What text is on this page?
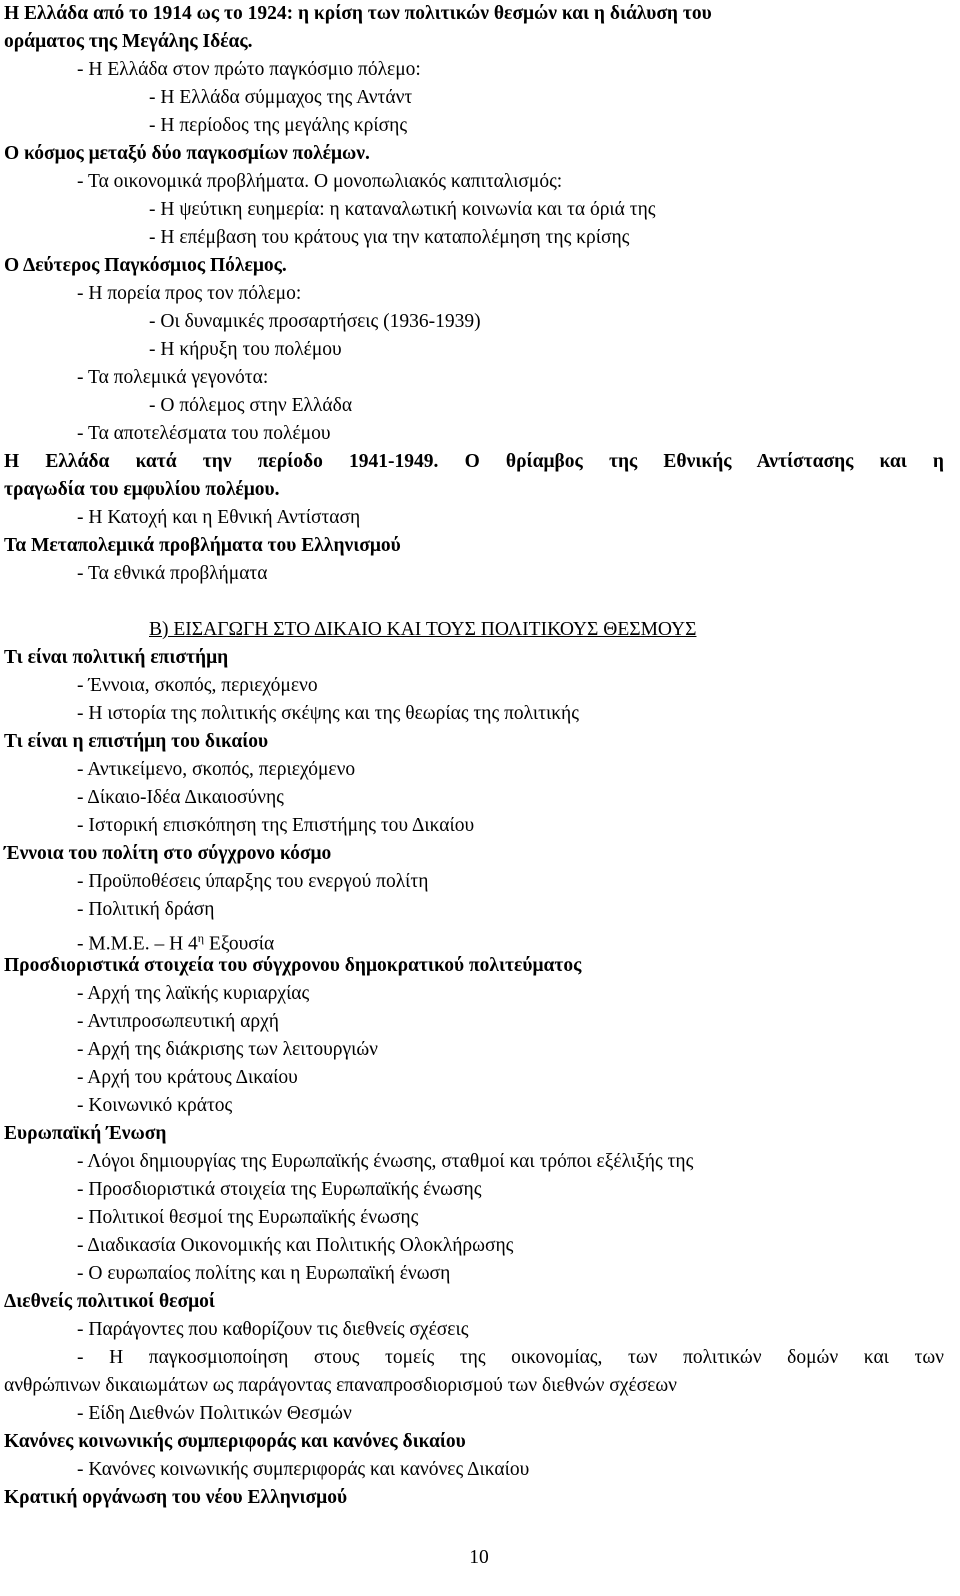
Η Ελλάδα από το 1914 ως το 1924: η κρίση των πολιτικών θεσμών και η διάλυση του
οράματος της Μεγάλης Ιδέας.
- Η Ελλάδα στον πρώτο παγκόσμιο πόλεμο:
- Η Ελλάδα σύμμαχος της Αντάντ
- Η περίοδος της μεγάλης κρίσης
Ο κόσμος μεταξύ δύο παγκοσμίων πολέμων.
- Τα οικονομικά προβλήματα. Ο μονοπωλιακός καπιταλισμός:
- Η ψεύτικη ευημερία: η καταναλωτική κοινωνία και τα όριά της
- Η επέμβαση του κράτους για την καταπολέμηση της κρίσης
Ο Δεύτερος Παγκόσμιος Πόλεμος.
- Η πορεία προς τον πόλεμο:
- Οι δυναμικές προσαρτήσεις (1936-1939)
- Η κήρυξη του πολέμου
- Τα πολεμικά γεγονότα:
- Ο πόλεμος στην Ελλάδα
- Τα αποτελέσματα του πολέμου
Η Ελλάδα κατά την περίοδο 1941-1949. Ο θρίαμβος της Εθνικής Αντίστασης και η
τραγωδία του εμφυλίου πολέμου.
- Η Κατοχή και η Εθνική Αντίσταση
Τα Μεταπολεμικά προβλήματα του Ελληνισμού
- Τα εθνικά προβλήματα
Β) ΕΙΣΑΓΩΓΗ ΣΤΟ ΔΙΚΑΙΟ ΚΑΙ ΤΟΥΣ ΠΟΛΙΤΙΚΟΥΣ ΘΕΣΜΟΥΣ
Τι είναι πολιτική επιστήμη
- Έννοια, σκοπός, περιεχόμενο
- Η ιστορία της πολιτικής σκέψης και της θεωρίας της πολιτικής
Τι είναι η επιστήμη του δικαίου
- Αντικείμενο, σκοπός, περιεχόμενο
- Δίκαιο-Ιδέα Δικαιοσύνης
- Ιστορική επισκόπηση της Επιστήμης του Δικαίου
Έννοια του πολίτη στο σύγχρονο κόσμο
- Προϋποθέσεις ύπαρξης του ενεργού πολίτη
- Πολιτική δράση
- Μ.Μ.Ε. – Η $4^\eta$ Εξουσία
Προσδιοριστικά στοιχεία του σύγχρονου δημοκρατικού πολιτεύματος
- Αρχή της λαϊκής κυριαρχίας
- Αντιπροσωπευτική αρχή
- Αρχή της διάκρισης των λειτουργιών
- Αρχή του κράτους Δικαίου
- Κοινωνικό κράτος
Ευρωπαϊκή Ένωση
- Λόγοι δημιουργίας της Ευρωπαϊκής ένωσης, σταθμοί και τρόποι εξέλιξής της
- Προσδιοριστικά στοιχεία της Ευρωπαϊκής ένωσης
- Πολιτικοί θεσμοί της Ευρωπαϊκής ένωσης
- Διαδικασία Οικονομικής και Πολιτικής Ολοκλήρωσης
- Ο ευρωπαίος πολίτης και η Ευρωπαϊκή ένωση
Διεθνείς πολιτικοί θεσμοί
- Παράγοντες που καθορίζουν τις διεθνείς σχέσεις
- Η παγκοσμιοποίηση στους τομείς της οικονομίας, των πολιτικών δομών και των
ανθρώπινων δικαιωμάτων ως παράγοντας επαναπροσδιορισμού των διεθνών σχέσεων
- Είδη Διεθνών Πολιτικών Θεσμών
Κανόνες κοινωνικής συμπεριφοράς και κανόνες δικαίου
- Κανόνες κοινωνικής συμπεριφοράς και κανόνες Δικαίου
Κρατική οργάνωση του νέου Ελληνισμού
10
